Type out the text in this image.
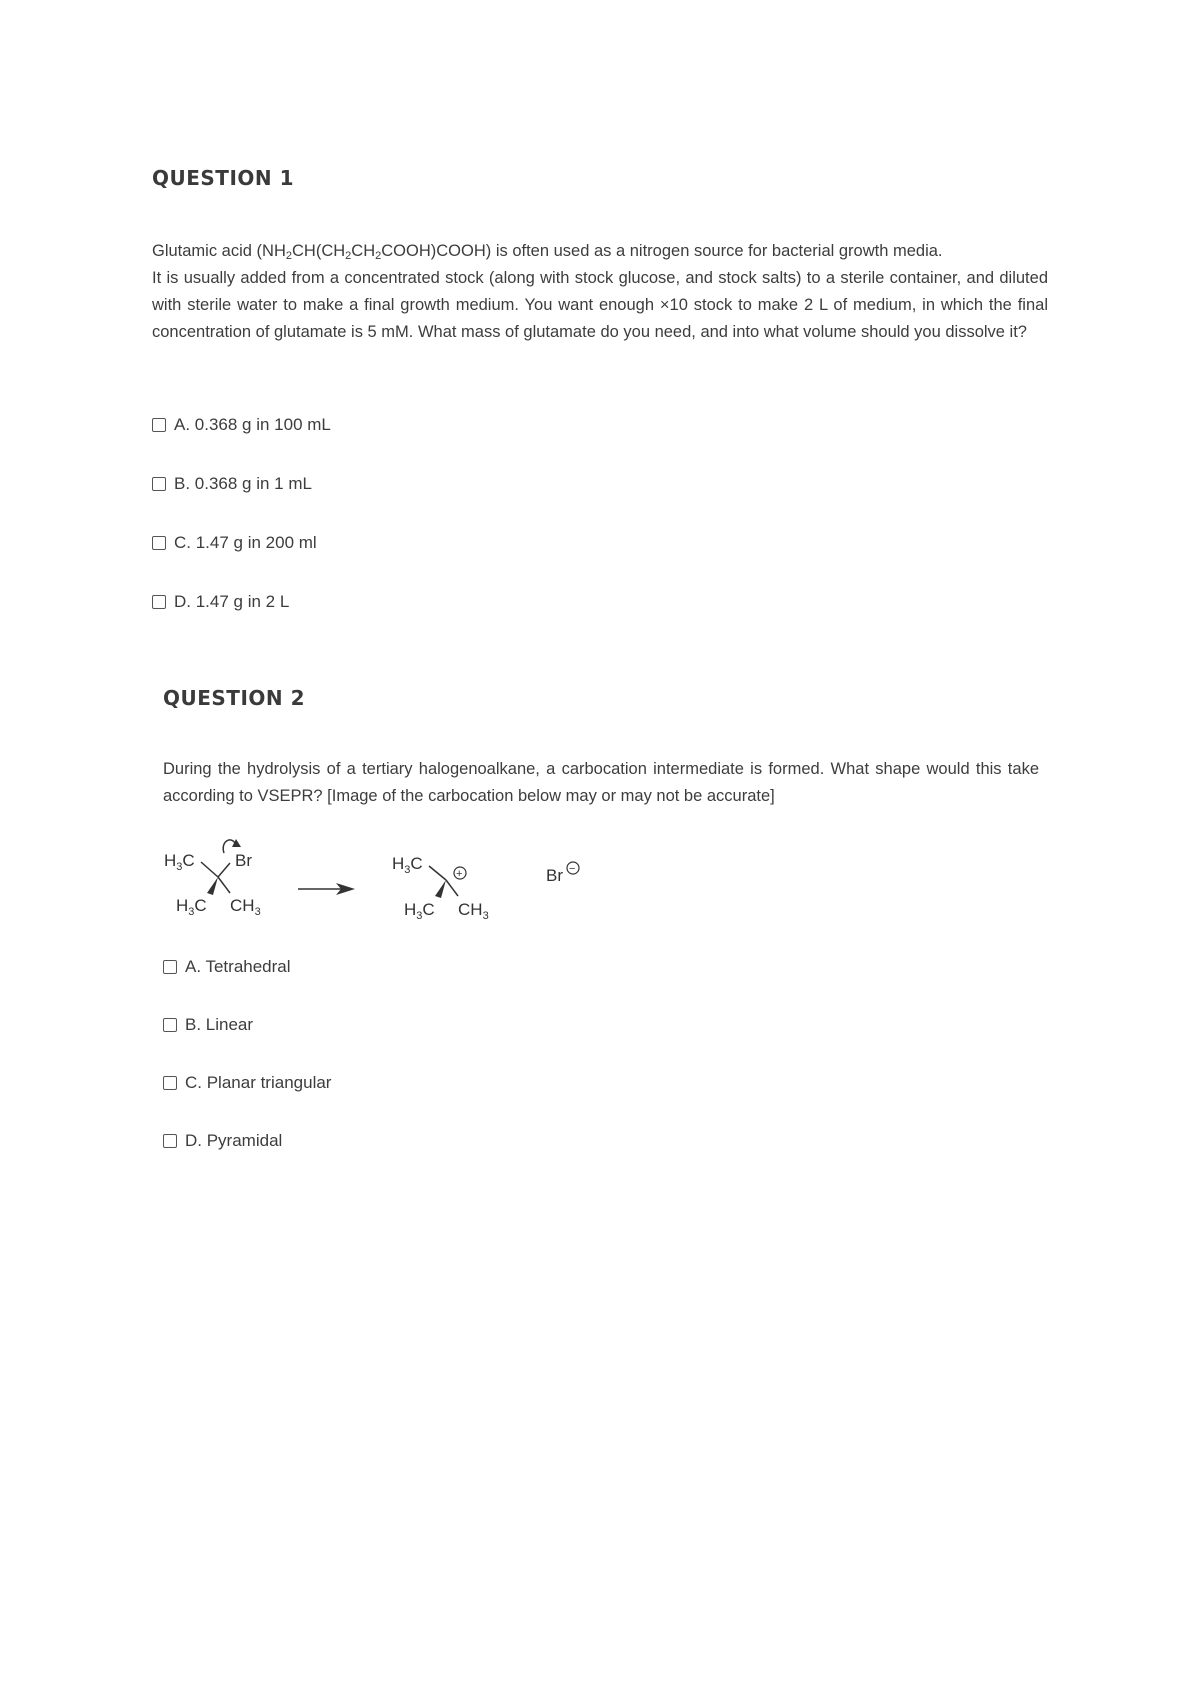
QUESTION 1
Glutamic acid $(NH_2CH(CH_2CH_2COOH)COOH)$ is often used as a nitrogen source for bacterial growth media.
It is usually added from a concentrated stock (along with stock glucose, and stock salts) to a sterile container, and diluted with sterile water to make a final growth medium. You want enough ×10 stock to make 2 L of medium, in which the final concentration of glutamate is 5 mM. What mass of glutamate do you need, and into what volume should you dissolve it?
A. 0.368 g in 100 mL
B. 0.368 g in 1 mL
C. 1.47 g in 200 ml
D. 1.47 g in 2 L
QUESTION 2
During the hydrolysis of a tertiary halogenoalkane, a carbocation intermediate is formed. What shape would this take according to VSEPR? [Image of the carbocation below may or may not be accurate]
$H_3C$ Br
$H_3C$ $CH_3$
$H_3C$
+
$H_3C$ $CH_3$
Br −
A. Tetrahedral
B. Linear
C. Planar triangular
D. Pyramidal
